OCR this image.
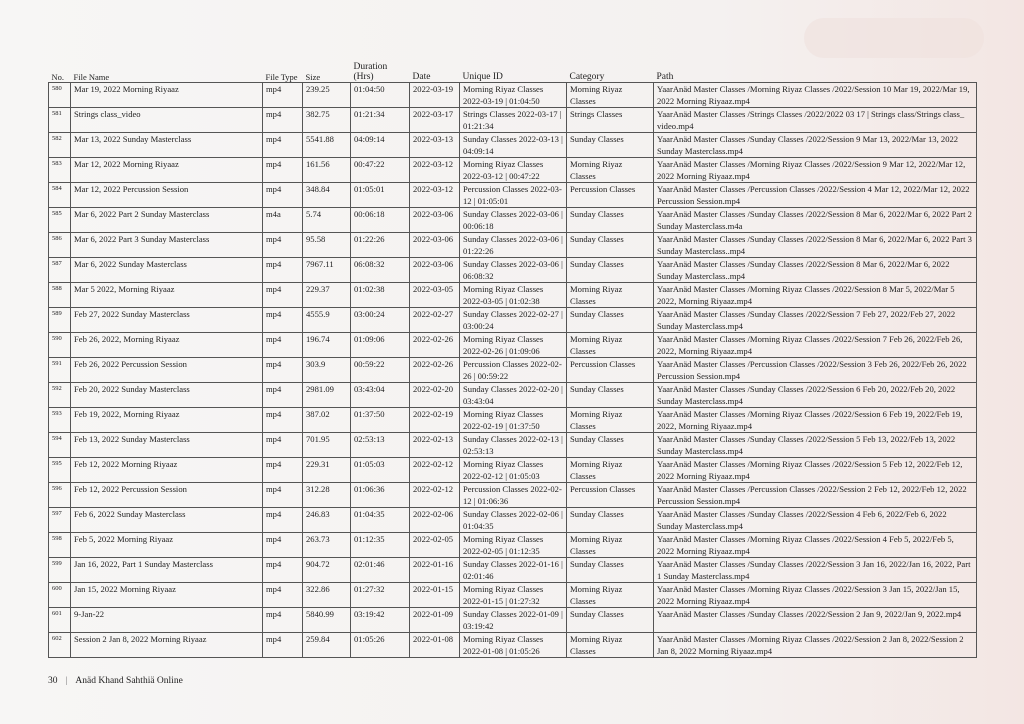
No.	File Name	File Type	Size	Duration (Hrs)	Date	Unique ID	Category	Path
580	Mar 19, 2022 Morning Riyaaz	mp4	239.25	01:04:50	2022-03-19	Morning Riyaz Classes 2022-03-19 | 01:04:50	Morning Riyaz Classes	YaarAnäd Master Classes /Morning Riyaz Classes /2022/Session 10 Mar 19, 2022/Mar 19, 2022 Morning Riyaaz.mp4
581	Strings class_video	mp4	382.75	01:21:34	2022-03-17	Strings Classes 2022-03-17 | 01:21:34	Strings Classes	YaarAnäd Master Classes /Strings Classes /2022/2022 03 17 | Strings class/Strings class_ video.mp4
582	Mar 13, 2022 Sunday Masterclass	mp4	5541.88	04:09:14	2022-03-13	Sunday Classes 2022-03-13 | 04:09:14	Sunday Classes	YaarAnäd Master Classes /Sunday Classes /2022/Session 9 Mar 13, 2022/Mar 13, 2022 Sunday Masterclass.mp4
583	Mar 12, 2022 Morning Riyaaz	mp4	161.56	00:47:22	2022-03-12	Morning Riyaz Classes 2022-03-12 | 00:47:22	Morning Riyaz Classes	YaarAnäd Master Classes /Morning Riyaz Classes /2022/Session 9 Mar 12, 2022/Mar 12, 2022 Morning Riyaaz.mp4
584	Mar 12, 2022 Percussion Session	mp4	348.84	01:05:01	2022-03-12	Percussion Classes 2022-03-12 | 01:05:01	Percussion Classes	YaarAnäd Master Classes /Percussion Classes /2022/Session 4 Mar 12, 2022/Mar 12, 2022 Percussion Session.mp4
585	Mar 6, 2022 Part 2 Sunday Masterclass	m4a	5.74	00:06:18	2022-03-06	Sunday Classes 2022-03-06 | 00:06:18	Sunday Classes	YaarAnäd Master Classes /Sunday Classes /2022/Session 8 Mar 6, 2022/Mar 6, 2022 Part 2 Sunday Masterclass.m4a
586	Mar 6, 2022 Part 3 Sunday Masterclass	mp4	95.58	01:22:26	2022-03-06	Sunday Classes 2022-03-06 | 01:22:26	Sunday Classes	YaarAnäd Master Classes /Sunday Classes /2022/Session 8 Mar 6, 2022/Mar 6, 2022 Part 3 Sunday Masterclass..mp4
587	Mar 6, 2022 Sunday Masterclass	mp4	7967.11	06:08:32	2022-03-06	Sunday Classes 2022-03-06 | 06:08:32	Sunday Classes	YaarAnäd Master Classes /Sunday Classes /2022/Session 8 Mar 6, 2022/Mar 6, 2022 Sunday Masterclass..mp4
588	Mar 5 2022, Morning Riyaaz	mp4	229.37	01:02:38	2022-03-05	Morning Riyaz Classes 2022-03-05 | 01:02:38	Morning Riyaz Classes	YaarAnäd Master Classes /Morning Riyaz Classes /2022/Session 8 Mar 5, 2022/Mar 5 2022, Morning Riyaaz.mp4
589	Feb 27, 2022 Sunday Masterclass	mp4	4555.9	03:00:24	2022-02-27	Sunday Classes 2022-02-27 | 03:00:24	Sunday Classes	YaarAnäd Master Classes /Sunday Classes /2022/Session 7 Feb 27, 2022/Feb 27, 2022 Sunday Masterclass.mp4
590	Feb 26, 2022, Morning Riyaaz	mp4	196.74	01:09:06	2022-02-26	Morning Riyaz Classes 2022-02-26 | 01:09:06	Morning Riyaz Classes	YaarAnäd Master Classes /Morning Riyaz Classes /2022/Session 7 Feb 26, 2022/Feb 26, 2022, Morning Riyaaz.mp4
591	Feb 26, 2022 Percussion Session	mp4	303.9	00:59:22	2022-02-26	Percussion Classes 2022-02-26 | 00:59:22	Percussion Classes	YaarAnäd Master Classes /Percussion Classes /2022/Session 3 Feb 26, 2022/Feb 26, 2022 Percussion Session.mp4
592	Feb 20, 2022 Sunday Masterclass	mp4	2981.09	03:43:04	2022-02-20	Sunday Classes 2022-02-20 | 03:43:04	Sunday Classes	YaarAnäd Master Classes /Sunday Classes /2022/Session 6 Feb 20, 2022/Feb 20, 2022 Sunday Masterclass.mp4
593	Feb 19, 2022, Morning Riyaaz	mp4	387.02	01:37:50	2022-02-19	Morning Riyaz Classes 2022-02-19 | 01:37:50	Morning Riyaz Classes	YaarAnäd Master Classes /Morning Riyaz Classes /2022/Session 6 Feb 19, 2022/Feb 19, 2022, Morning Riyaaz.mp4
594	Feb 13, 2022 Sunday Masterclass	mp4	701.95	02:53:13	2022-02-13	Sunday Classes 2022-02-13 | 02:53:13	Sunday Classes	YaarAnäd Master Classes /Sunday Classes /2022/Session 5 Feb 13, 2022/Feb 13, 2022 Sunday Masterclass.mp4
595	Feb 12, 2022 Morning Riyaaz	mp4	229.31	01:05:03	2022-02-12	Morning Riyaz Classes 2022-02-12 | 01:05:03	Morning Riyaz Classes	YaarAnäd Master Classes /Morning Riyaz Classes /2022/Session 5 Feb 12, 2022/Feb 12, 2022 Morning Riyaaz.mp4
596	Feb 12, 2022 Percussion Session	mp4	312.28	01:06:36	2022-02-12	Percussion Classes 2022-02-12 | 01:06:36	Percussion Classes	YaarAnäd Master Classes /Percussion Classes /2022/Session 2 Feb 12, 2022/Feb 12, 2022 Percussion Session.mp4
597	Feb 6, 2022 Sunday Masterclass	mp4	246.83	01:04:35	2022-02-06	Sunday Classes 2022-02-06 | 01:04:35	Sunday Classes	YaarAnäd Master Classes /Sunday Classes /2022/Session 4 Feb 6, 2022/Feb 6, 2022 Sunday Masterclass.mp4
598	Feb 5, 2022 Morning Riyaaz	mp4	263.73	01:12:35	2022-02-05	Morning Riyaz Classes 2022-02-05 | 01:12:35	Morning Riyaz Classes	YaarAnäd Master Classes /Morning Riyaz Classes /2022/Session 4 Feb 5, 2022/Feb 5, 2022 Morning Riyaaz.mp4
599	Jan 16, 2022, Part 1 Sunday Masterclass	mp4	904.72	02:01:46	2022-01-16	Sunday Classes 2022-01-16 | 02:01:46	Sunday Classes	YaarAnäd Master Classes /Sunday Classes /2022/Session 3 Jan 16, 2022/Jan 16, 2022, Part 1 Sunday Masterclass.mp4
600	Jan 15, 2022 Morning Riyaaz	mp4	322.86	01:27:32	2022-01-15	Morning Riyaz Classes 2022-01-15 | 01:27:32	Morning Riyaz Classes	YaarAnäd Master Classes /Morning Riyaz Classes /2022/Session 3 Jan 15, 2022/Jan 15, 2022 Morning Riyaaz.mp4
601	9-Jan-22	mp4	5840.99	03:19:42	2022-01-09	Sunday Classes 2022-01-09 | 03:19:42	Sunday Classes	YaarAnäd Master Classes /Sunday Classes /2022/Session 2 Jan 9, 2022/Jan 9, 2022.mp4
602	Session 2 Jan 8, 2022 Morning Riyaaz	mp4	259.84	01:05:26	2022-01-08	Morning Riyaz Classes 2022-01-08 | 01:05:26	Morning Riyaz Classes	YaarAnäd Master Classes /Morning Riyaz Classes /2022/Session 2 Jan 8, 2022/Session 2 Jan 8, 2022 Morning Riyaaz.mp4
30 | Anäd Khand Sahthiä Online
